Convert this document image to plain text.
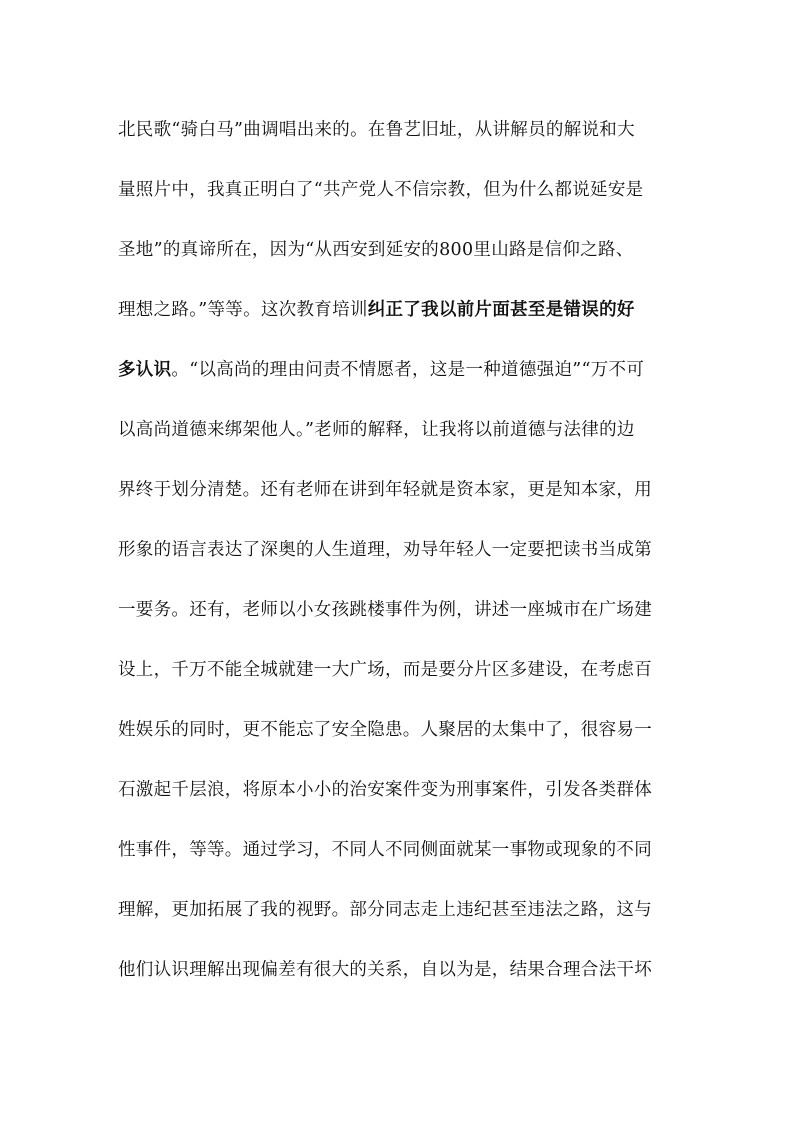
北民歌“骑白马”曲调唱出来的。在鲁艺旧址，从讲解员的解说和大
量照片中，我真正明白了“共产党人不信宗教，但为什么都说延安是
圣地”的真谛所在，因为“从西安到延安的800里山路是信仰之路、
理想之路。”等等。这次教育培训纠正了我以前片面甚至是错误的好
多认识。“以高尚的理由问责不情愿者，这是一种道德强迫”“万不可
以高尚道德来绑架他人。”老师的解释，让我将以前道德与法律的边
界终于划分清楚。还有老师在讲到年轻就是资本家，更是知本家，用
形象的语言表达了深奥的人生道理，劝导年轻人一定要把读书当成第
一要务。还有，老师以小女孩跳楼事件为例，讲述一座城市在广场建
设上，千万不能全城就建一大广场，而是要分片区多建设，在考虑百
姓娱乐的同时，更不能忘了安全隐患。人聚居的太集中了，很容易一
石激起千层浪，将原本小小的治安案件变为刑事案件，引发各类群体
性事件，等等。通过学习，不同人不同侧面就某一事物或现象的不同
理解，更加拓展了我的视野。部分同志走上违纪甚至违法之路，这与
他们认识理解出现偏差有很大的关系，自以为是，结果合理合法干坏
